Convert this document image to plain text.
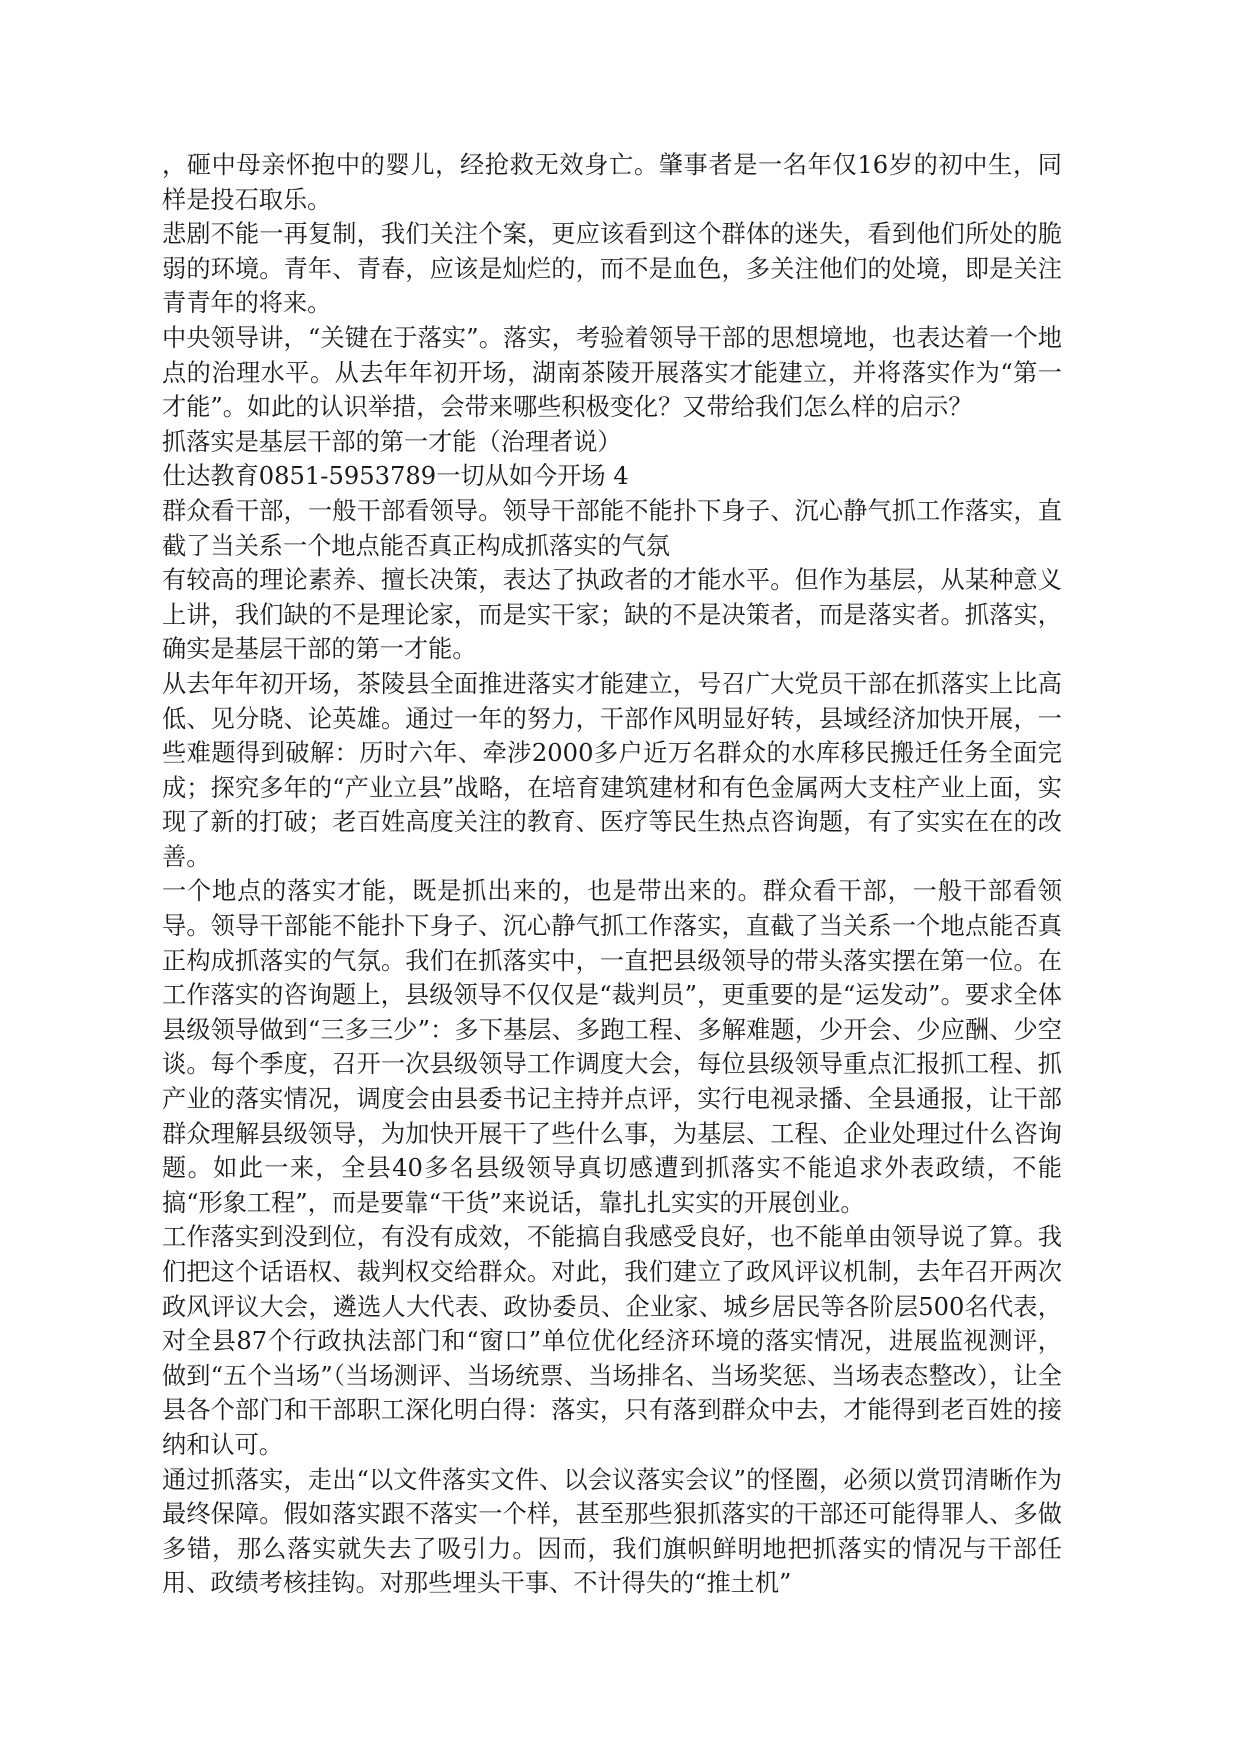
，砸中母亲怀抱中的婴儿，经抢救无效身亡。肇事者是一名年仅16岁的初中生，同样是投石取乐。

悲剧不能一再复制，我们关注个案，更应该看到这个群体的迷失，看到他们所处的脆弱的环境。青年、青春，应该是灿烂的，而不是血色，多关注他们的处境，即是关注青青年的将来。

中央领导讲，“关键在于落实”。落实，考验着领导干部的思想境地，也表达着一个地点的治理水平。从去年年初开场，湖南茶陵开展落实才能建立，并将落实作为“第一才能”。如此的认识举措，会带来哪些积极变化？又带给我们怎么样的启示？

抓落实是基层干部的第一才能（治理者说）

仕达教育0851-5953789一切从如今开场 4

群众看干部，一般干部看领导。领导干部能不能扑下身子、沉心静气抓工作落实，直截了当关系一个地点能否真正构成抓落实的气氛

有较高的理论素养、擅长决策，表达了执政者的才能水平。但作为基层，从某种意义上讲，我们缺的不是理论家，而是实干家；缺的不是决策者，而是落实者。抓落实，确实是基层干部的第一才能。

从去年年初开场，茶陵县全面推进落实才能建立，号召广大党员干部在抓落实上比高低、见分晓、论英雄。通过一年的努力，干部作风明显好转，县域经济加快开展，一些难题得到破解：历时六年、牵涉2000多户近万名群众的水库移民搬迁任务全面完成；探究多年的“产业立县”战略，在培育建筑建材和有色金属两大支柱产业上面，实现了新的打破；老百姓高度关注的教育、医疗等民生热点咨询题，有了实实在在的改善。

一个地点的落实才能，既是抓出来的，也是带出来的。群众看干部，一般干部看领导。领导干部能不能扑下身子、沉心静气抓工作落实，直截了当关系一个地点能否真正构成抓落实的气氛。我们在抓落实中，一直把县级领导的带头落实摆在第一位。在工作落实的咨询题上，县级领导不仅仅是“裁判员”，更重要的是“运发动”。要求全体县级领导做到“三多三少”：多下基层、多跑工程、多解难题，少开会、少应酬、少空谈。每个季度，召开一次县级领导工作调度大会，每位县级领导重点汇报抓工程、抓产业的落实情况，调度会由县委书记主持并点评，实行电视录播、全县通报，让干部群众理解县级领导，为加快开展干了些什么事，为基层、工程、企业处理过什么咨询题。如此一来，全县40多名县级领导真切感遭到抓落实不能追求外表政绩，不能搞“形象工程”，而是要靠“干货”来说话，靠扎扎实实的开展创业。

工作落实到没到位，有没有成效，不能搞自我感受良好，也不能单由领导说了算。我们把这个话语权、裁判权交给群众。对此，我们建立了政风评议机制，去年召开两次政风评议大会，遴选人大代表、政协委员、企业家、城乡居民等各阶层500名代表，对全县87个行政执法部门和“窗口”单位优化经济环境的落实情况，进展监视测评，做到“五个当场”（当场测评、当场统票、当场排名、当场奖惩、当场表态整改），让全县各个部门和干部职工深化明白得：落实，只有落到群众中去，才能得到老百姓的接纳和认可。

通过抓落实，走出“以文件落实文件、以会议落实会议”的怪圈，必须以赏罚清晰作为最终保障。假如落实跟不落实一个样，甚至那些狠抓落实的干部还可能得罪人、多做多错，那么落实就失去了吸引力。因而，我们旗帜鲜明地把抓落实的情况与干部任用、政绩考核挂钩。对那些埋头干事、不计得失的“推土机”
